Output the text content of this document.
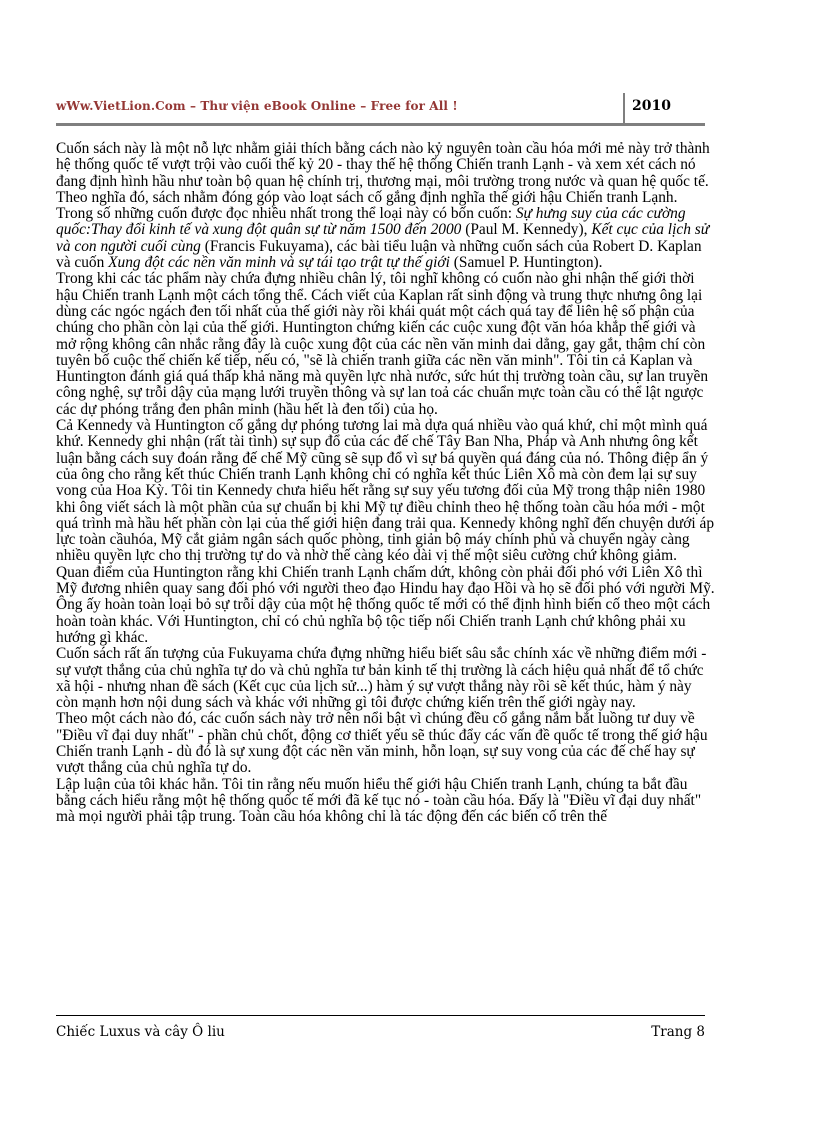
wWw.VietLion.Com – Thư viện eBook Online – Free for All !	2010

Cuốn sách này là một nỗ lực nhằm giải thích bằng cách nào kỷ nguyên toàn cầu hóa mới mẻ này trở thành hệ thống quốc tế vượt trội vào cuối thế kỷ 20 - thay thế hệ thống Chiến tranh Lạnh - và xem xét cách nó đang định hình hầu như toàn bộ quan hệ chính trị, thương mại, môi trường trong nước và quan hệ quốc tế. Theo nghĩa đó, sách nhằm đóng góp vào loạt sách cố gắng định nghĩa thế giới hậu Chiến tranh Lạnh. Trong số những cuốn được đọc nhiều nhất trong thể loại này có bốn cuốn: Sự hưng suy của các cường quốc:Thay đổi kinh tế và xung đột quân sự từ năm 1500 đến 2000 (Paul M. Kennedy), Kết cục của lịch sử và con người cuối cùng (Francis Fukuyama), các bài tiểu luận và những cuốn sách của Robert D. Kaplan và cuốn Xung đột các nền văn minh và sự tái tạo trật tự thế giới (Samuel P. Huntington).

Trong khi các tác phẩm này chứa đựng nhiều chân lý, tôi nghĩ không có cuốn nào ghi nhận thế giới thời hậu Chiến tranh Lạnh một cách tổng thể. Cách viết của Kaplan rất sinh động và trung thực nhưng ông lại dùng các ngóc ngách đen tối nhất của thế giới này rồi khái quát một cách quá tay để liên hệ số phận của chúng cho phần còn lại của thế giới. Huntington chứng kiến các cuộc xung đột văn hóa khắp thế giới và mở rộng không cân nhắc rằng đây là cuộc xung đột của các nền văn minh dai dẳng, gay gắt, thậm chí còn tuyên bố cuộc thế chiến kế tiếp, nếu có, "sẽ là chiến tranh giữa các nền văn minh". Tôi tin cả Kaplan và Huntington đánh giá quá thấp khả năng mà quyền lực nhà nước, sức hút thị trường toàn cầu, sự lan truyền công nghệ, sự trỗi dậy của mạng lưới truyền thông và sự lan toả các chuẩn mực toàn cầu có thể lật ngược các dự phóng trắng đen phân minh (hầu hết là đen tối) của họ.

Cả Kennedy và Huntington cố gắng dự phóng tương lai mà dựa quá nhiều vào quá khứ, chỉ một mình quá khứ. Kennedy ghi nhận (rất tài tình) sự sụp đổ của các đế chế Tây Ban Nha, Pháp và Anh nhưng ông kết luận bằng cách suy đoán rằng đế chế Mỹ cũng sẽ sụp đổ vì sự bá quyền quá đáng của nó. Thông điệp ẩn ý của ông cho rằng kết thúc Chiến tranh Lạnh không chỉ có nghĩa kết thúc Liên Xô mà còn đem lại sự suy vong của Hoa Kỳ. Tôi tin Kennedy chưa hiểu hết rằng sự suy yếu tương đối của Mỹ trong thập niên 1980 khi ông viết sách là một phần của sự chuẩn bị khi Mỹ tự điều chỉnh theo hệ thống toàn cầu hóa mới - một quá trình mà hầu hết phần còn lại của thế giới hiện đang trải qua. Kennedy không nghĩ đến chuyện dưới áp lực toàn cầuhóa, Mỹ cắt giảm ngân sách quốc phòng, tinh giản bộ máy chính phủ và chuyển ngày càng nhiều quyền lực cho thị trường tự do và nhờ thế càng kéo dài vị thế một siêu cường chứ không giảm.

Quan điểm của Huntington rằng khi Chiến tranh Lạnh chấm dứt, không còn phải đối phó với Liên Xô thì Mỹ đương nhiên quay sang đối phó với người theo đạo Hindu hay đạo Hồi và họ sẽ đối phó với người Mỹ. Ông ấy hoàn toàn loại bỏ sự trỗi dậy của một hệ thống quốc tế mới có thể định hình biến cố theo một cách hoàn toàn khác. Với Huntington, chỉ có chủ nghĩa bộ tộc tiếp nối Chiến tranh Lạnh chứ không phải xu hướng gì khác.

Cuốn sách rất ấn tượng của Fukuyama chứa đựng những hiểu biết sâu sắc chính xác về những điểm mới - sự vượt thắng của chủ nghĩa tự do và chủ nghĩa tư bản kinh tế thị trường là cách hiệu quả nhất để tổ chức xã hội - nhưng nhan đề sách (Kết cục của lịch sử...) hàm ý sự vượt thắng này rồi sẽ kết thúc, hàm ý này còn mạnh hơn nội dung sách và khác với những gì tôi được chứng kiến trên thế giới ngày nay.

Theo một cách nào đó, các cuốn sách này trở nên nổi bật vì chúng đều cố gắng nắm bắt luồng tư duy về "Điều vĩ đại duy nhất" - phần chủ chốt, động cơ thiết yếu sẽ thúc đẩy các vấn đề quốc tế trong thế giớ hậu Chiến tranh Lạnh - dù đó là sự xung đột các nền văn minh, hỗn loạn, sự suy vong của các đế chế hay sự vượt thắng của chủ nghĩa tự do.

Lập luận của tôi khác hẳn. Tôi tin rằng nếu muốn hiểu thế giới hậu Chiến tranh Lạnh, chúng ta bắt đầu bằng cách hiểu rằng một hệ thống quốc tế mới đã kế tục nó - toàn cầu hóa. Đấy là "Điều vĩ đại duy nhất" mà mọi người phải tập trung. Toàn cầu hóa không chỉ là tác động đến các biến cố trên thế

Chiếc Luxus và cây Ô liu	Trang 8
